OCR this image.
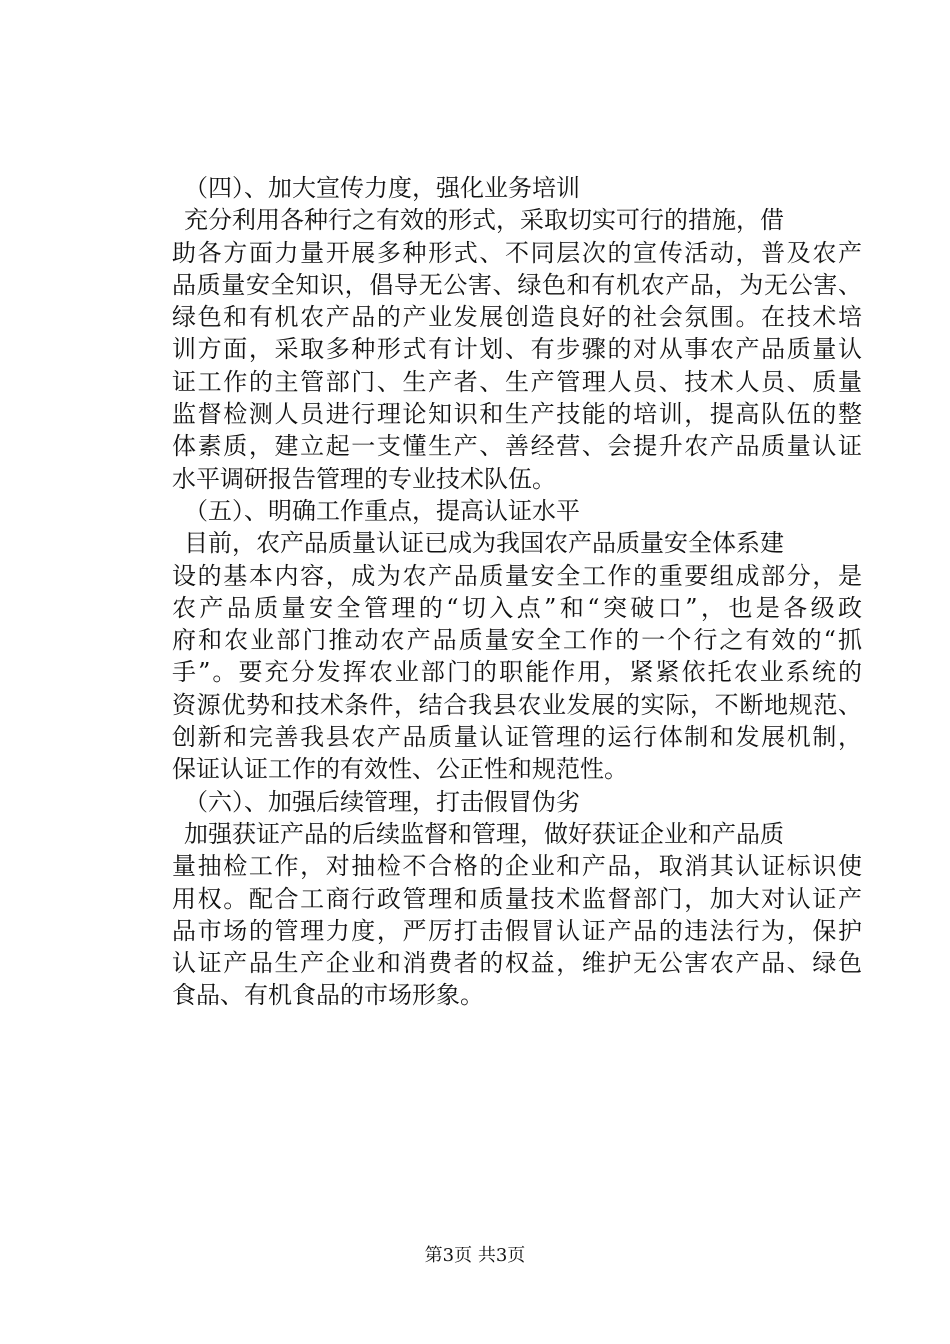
（四）、加大宣传力度，强化业务培训
充分利用各种行之有效的形式，采取切实可行的措施，借
助各方面力量开展多种形式、不同层次的宣传活动，普及农产
品质量安全知识，倡导无公害、绿色和有机农产品，为无公害、
绿色和有机农产品的产业发展创造良好的社会氛围。在技术培
训方面，采取多种形式有计划、有步骤的对从事农产品质量认
证工作的主管部门、生产者、生产管理人员、技术人员、质量
监督检测人员进行理论知识和生产技能的培训，提高队伍的整
体素质，建立起一支懂生产、善经营、会提升农产品质量认证
水平调研报告管理的专业技术队伍。
（五）、明确工作重点，提高认证水平
目前，农产品质量认证已成为我国农产品质量安全体系建
设的基本内容，成为农产品质量安全工作的重要组成部分，是
农产品质量安全管理的“切入点”和“突破口”，也是各级政
府和农业部门推动农产品质量安全工作的一个行之有效的“抓
手”。要充分发挥农业部门的职能作用，紧紧依托农业系统的
资源优势和技术条件，结合我县农业发展的实际，不断地规范、
创新和完善我县农产品质量认证管理的运行体制和发展机制，
保证认证工作的有效性、公正性和规范性。
（六）、加强后续管理，打击假冒伪劣
加强获证产品的后续监督和管理，做好获证企业和产品质
量抽检工作，对抽检不合格的企业和产品，取消其认证标识使
用权。配合工商行政管理和质量技术监督部门，加大对认证产
品市场的管理力度，严厉打击假冒认证产品的违法行为，保护
认证产品生产企业和消费者的权益，维护无公害农产品、绿色
食品、有机食品的市场形象。
第3页 共3页
